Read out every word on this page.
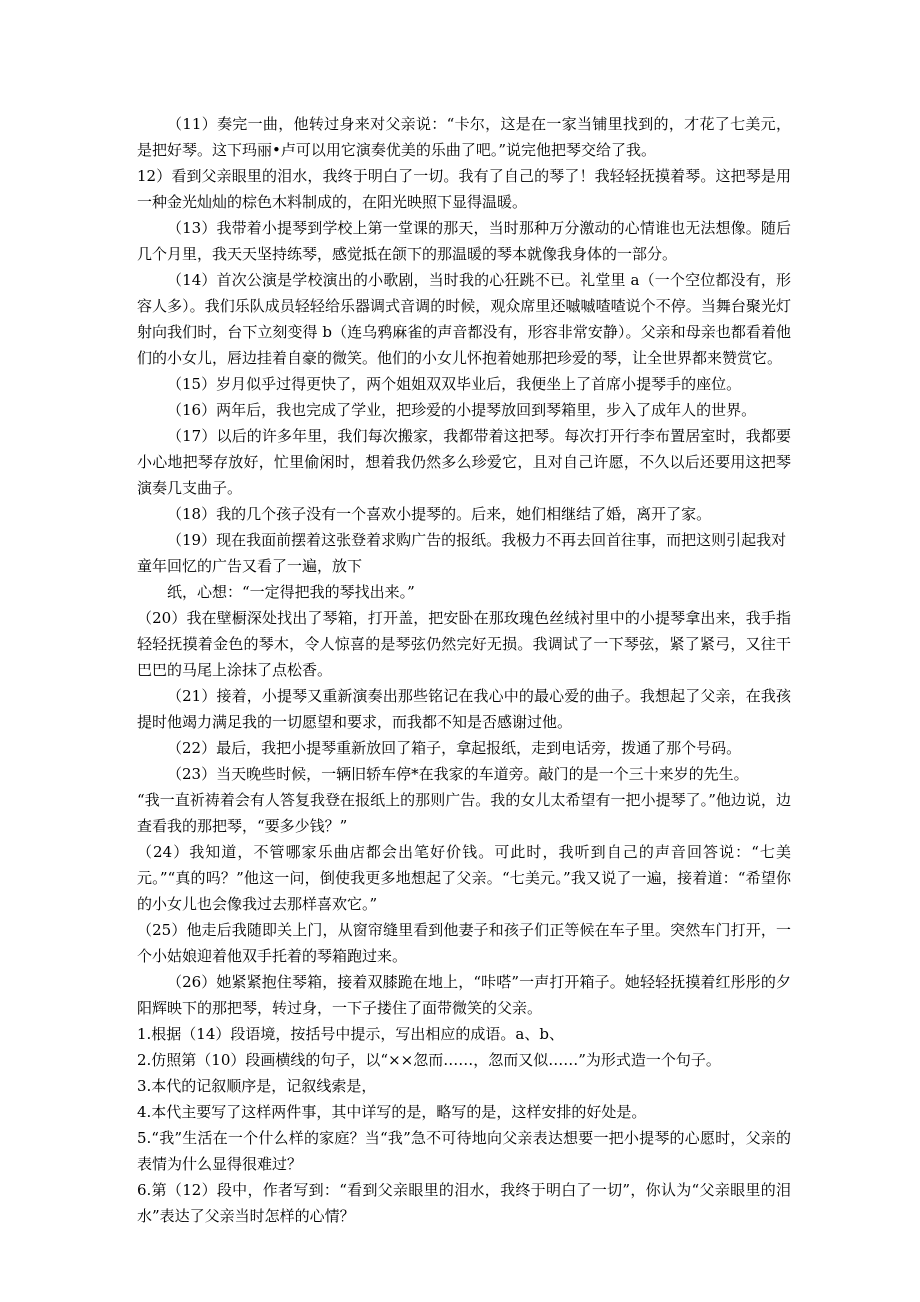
（11）奏完一曲，他转过身来对父亲说：“卡尔，这是在一家当铺里找到的，才花了七美元，是把好琴。这下玛丽•卢可以用它演奏优美的乐曲了吧。”说完他把琴交给了我。

12）看到父亲眼里的泪水，我终于明白了一切。我有了自己的琴了！我轻轻抚摸着琴。这把琴是用一种金光灿灿的棕色木料制成的，在阳光映照下显得温暖。

（13）我带着小提琴到学校上第一堂课的那天，当时那种万分激动的心情谁也无法想像。随后几个月里，我天天坚持练琴，感觉抵在颌下的那温暖的琴本就像我身体的一部分。

（14）首次公演是学校演出的小歌剧，当时我的心狂跳不已。礼堂里 a（一个空位都没有，形容人多）。我们乐队成员轻轻给乐器调式音调的时候，观众席里还嘁嘁喳喳说个不停。当舞台聚光灯射向我们时，台下立刻变得 b（连乌鸦麻雀的声音都没有，形容非常安静）。父亲和母亲也都看着他们的小女儿，唇边挂着自豪的微笑。他们的小女儿怀抱着她那把珍爱的琴，让全世界都来赞赏它。

（15）岁月似乎过得更快了，两个姐姐双双毕业后，我便坐上了首席小提琴手的座位。

（16）两年后，我也完成了学业，把珍爱的小提琴放回到琴箱里，步入了成年人的世界。

（17）以后的许多年里，我们每次搬家，我都带着这把琴。每次打开行李布置居室时，我都要小心地把琴存放好，忙里偷闲时，想着我仍然多么珍爱它，且对自己许愿，不久以后还要用这把琴演奏几支曲子。

（18）我的几个孩子没有一个喜欢小提琴的。后来，她们相继结了婚，离开了家。

（19）现在我面前摆着这张登着求购广告的报纸。我极力不再去回首往事，而把这则引起我对童年回忆的广告又看了一遍，放下

纸，心想：“一定得把我的琴找出来。”

（20）我在壁橱深处找出了琴箱，打开盖，把安卧在那玫瑰色丝绒衬里中的小提琴拿出来，我手指轻轻抚摸着金色的琴木，令人惊喜的是琴弦仍然完好无损。我调试了一下琴弦，紧了紧弓，又往干巴巴的马尾上涂抹了点松香。

（21）接着，小提琴又重新演奏出那些铭记在我心中的最心爱的曲子。我想起了父亲，在我孩提时他竭力满足我的一切愿望和要求，而我都不知是否感谢过他。

（22）最后，我把小提琴重新放回了箱子，拿起报纸，走到电话旁，拨通了那个号码。

（23）当天晚些时候，一辆旧轿车停*在我家的车道旁。敲门的是一个三十来岁的先生。

“我一直祈祷着会有人答复我登在报纸上的那则广告。我的女儿太希望有一把小提琴了。”他边说，边查看我的那把琴，“要多少钱？”

（24）我知道，不管哪家乐曲店都会出笔好价钱。可此时，我听到自己的声音回答说：“七美元。”“真的吗？”他这一问，倒使我更多地想起了父亲。“七美元。”我又说了一遍，接着道：“希望你的小女儿也会像我过去那样喜欢它。”

（25）他走后我随即关上门，从窗帘缝里看到他妻子和孩子们正等候在车子里。突然车门打开，一个小姑娘迎着他双手托着的琴箱跑过来。

（26）她紧紧抱住琴箱，接着双膝跪在地上，“咔嗒”一声打开箱子。她轻轻抚摸着红彤彤的夕阳辉映下的那把琴，转过身，一下子搂住了面带微笑的父亲。

1.根据（14）段语境，按括号中提示，写出相应的成语。a、b、

2.仿照第（10）段画横线的句子，以“××忽而……，忽而又似……”为形式造一个句子。

3.本代的记叙顺序是，记叙线索是，

4.本代主要写了这样两件事，其中详写的是，略写的是，这样安排的好处是。

5.“我”生活在一个什么样的家庭？当“我”急不可待地向父亲表达想要一把小提琴的心愿时，父亲的表情为什么显得很难过？

6.第（12）段中，作者写到：“看到父亲眼里的泪水，我终于明白了一切”，你认为“父亲眼里的泪水”表达了父亲当时怎样的心情？
